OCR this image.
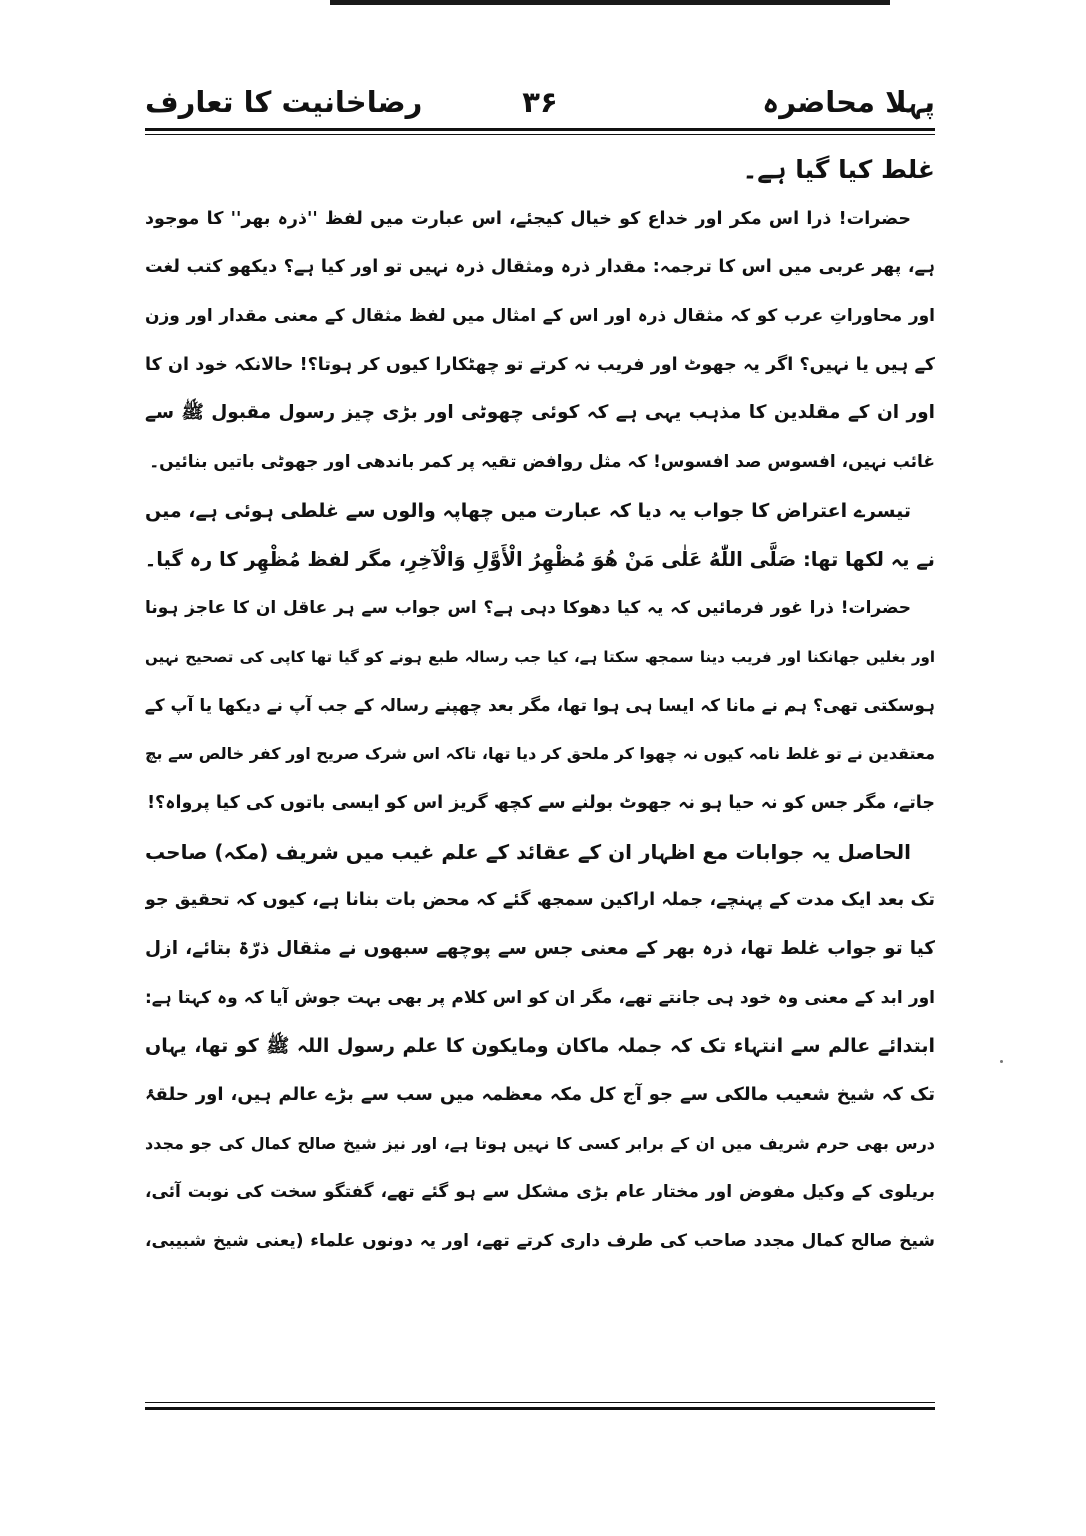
پہلا محاضرہ
۳۶
رضاخانیت کا تعارف
غلط کیا گیا ہے۔
حضرات! ذرا اس مکر اور خداع کو خیال کیجئے، اس عبارت میں لفظ ''ذرہ بھر'' کا موجود
ہے، پھر عربی میں اس کا ترجمہ: مقدار ذرہ ومثقال ذرہ نہیں تو اور کیا ہے؟ دیکھو کتب لغت
اور محاوراتِ عرب کو کہ مثقال ذرہ اور اس کے امثال میں لفظ مثقال کے معنی مقدار اور وزن
کے ہیں یا نہیں؟ اگر یہ جھوٹ اور فریب نہ کرتے تو چھٹکارا کیوں کر ہوتا؟! حالانکہ خود ان کا
اور ان کے مقلدین کا مذہب یہی ہے کہ کوئی چھوٹی اور بڑی چیز رسول مقبول ﷺ سے
غائب نہیں، افسوس صد افسوس! کہ مثل روافض تقیہ پر کمر باندھی اور جھوٹی باتیں بنائیں۔
تیسرے اعتراض کا جواب یہ دیا کہ عبارت میں چھاپہ والوں سے غلطی ہوئی ہے، میں
نے یہ لکھا تھا: صَلَّى اللّٰهُ عَلٰى مَنْ هُوَ مُظْهِرُ الْأَوَّلِ وَالْآخِرِ، مگر لفظ مُظْهِر کا رہ گیا۔
حضرات! ذرا غور فرمائیں کہ یہ کیا دھوکا دہی ہے؟ اس جواب سے ہر عاقل ان کا عاجز ہونا
اور بغلیں جھانکنا اور فریب دینا سمجھ سکتا ہے، کیا جب رسالہ طبع ہونے کو گیا تھا کاپی کی تصحیح نہیں
ہوسکتی تھی؟ ہم نے مانا کہ ایسا ہی ہوا تھا، مگر بعد چھپنے رسالہ کے جب آپ نے دیکھا یا آپ کے
معتقدین نے تو غلط نامہ کیوں نہ چھوا کر ملحق کر دیا تھا، تاکہ اس شرک صریح اور کفر خالص سے بچ
جاتے، مگر جس کو نہ حیا ہو نہ جھوٹ بولنے سے کچھ گریز اس کو ایسی باتوں کی کیا پرواہ؟!
الحاصل یہ جوابات مع اظہار ان کے عقائد کے علم غیب میں شریف (مکہ) صاحب
تک بعد ایک مدت کے پہنچے، جملہ اراکین سمجھ گئے کہ محض بات بنانا ہے، کیوں کہ تحقیق جو
کیا تو جواب غلط تھا، ذرہ بھر کے معنی جس سے پوچھے سبھوں نے مثقال ذرّۃ بتائے، ازل
اور ابد کے معنی وہ خود ہی جانتے تھے، مگر ان کو اس کلام پر بھی بہت جوش آیا کہ وہ کہتا ہے:
ابتدائے عالم سے انتہاء تک کہ جملہ ماکان ومایکون کا علم رسول اللہ ﷺ کو تھا، یہاں
تک کہ شیخ شعیب مالکی سے جو آج کل مکہ معظمہ میں سب سے بڑے عالم ہیں، اور حلقۂ
درس بھی حرم شریف میں ان کے برابر کسی کا نہیں ہوتا ہے، اور نیز شیخ صالح کمال کی جو مجدد
بریلوی کے وکیل مفوض اور مختار عام بڑی مشکل سے ہو گئے تھے، گفتگو سخت کی نوبت آئی،
شیخ صالح کمال مجدد صاحب کی طرف داری کرتے تھے، اور یہ دونوں علماء (یعنی شیخ شبیبی،
